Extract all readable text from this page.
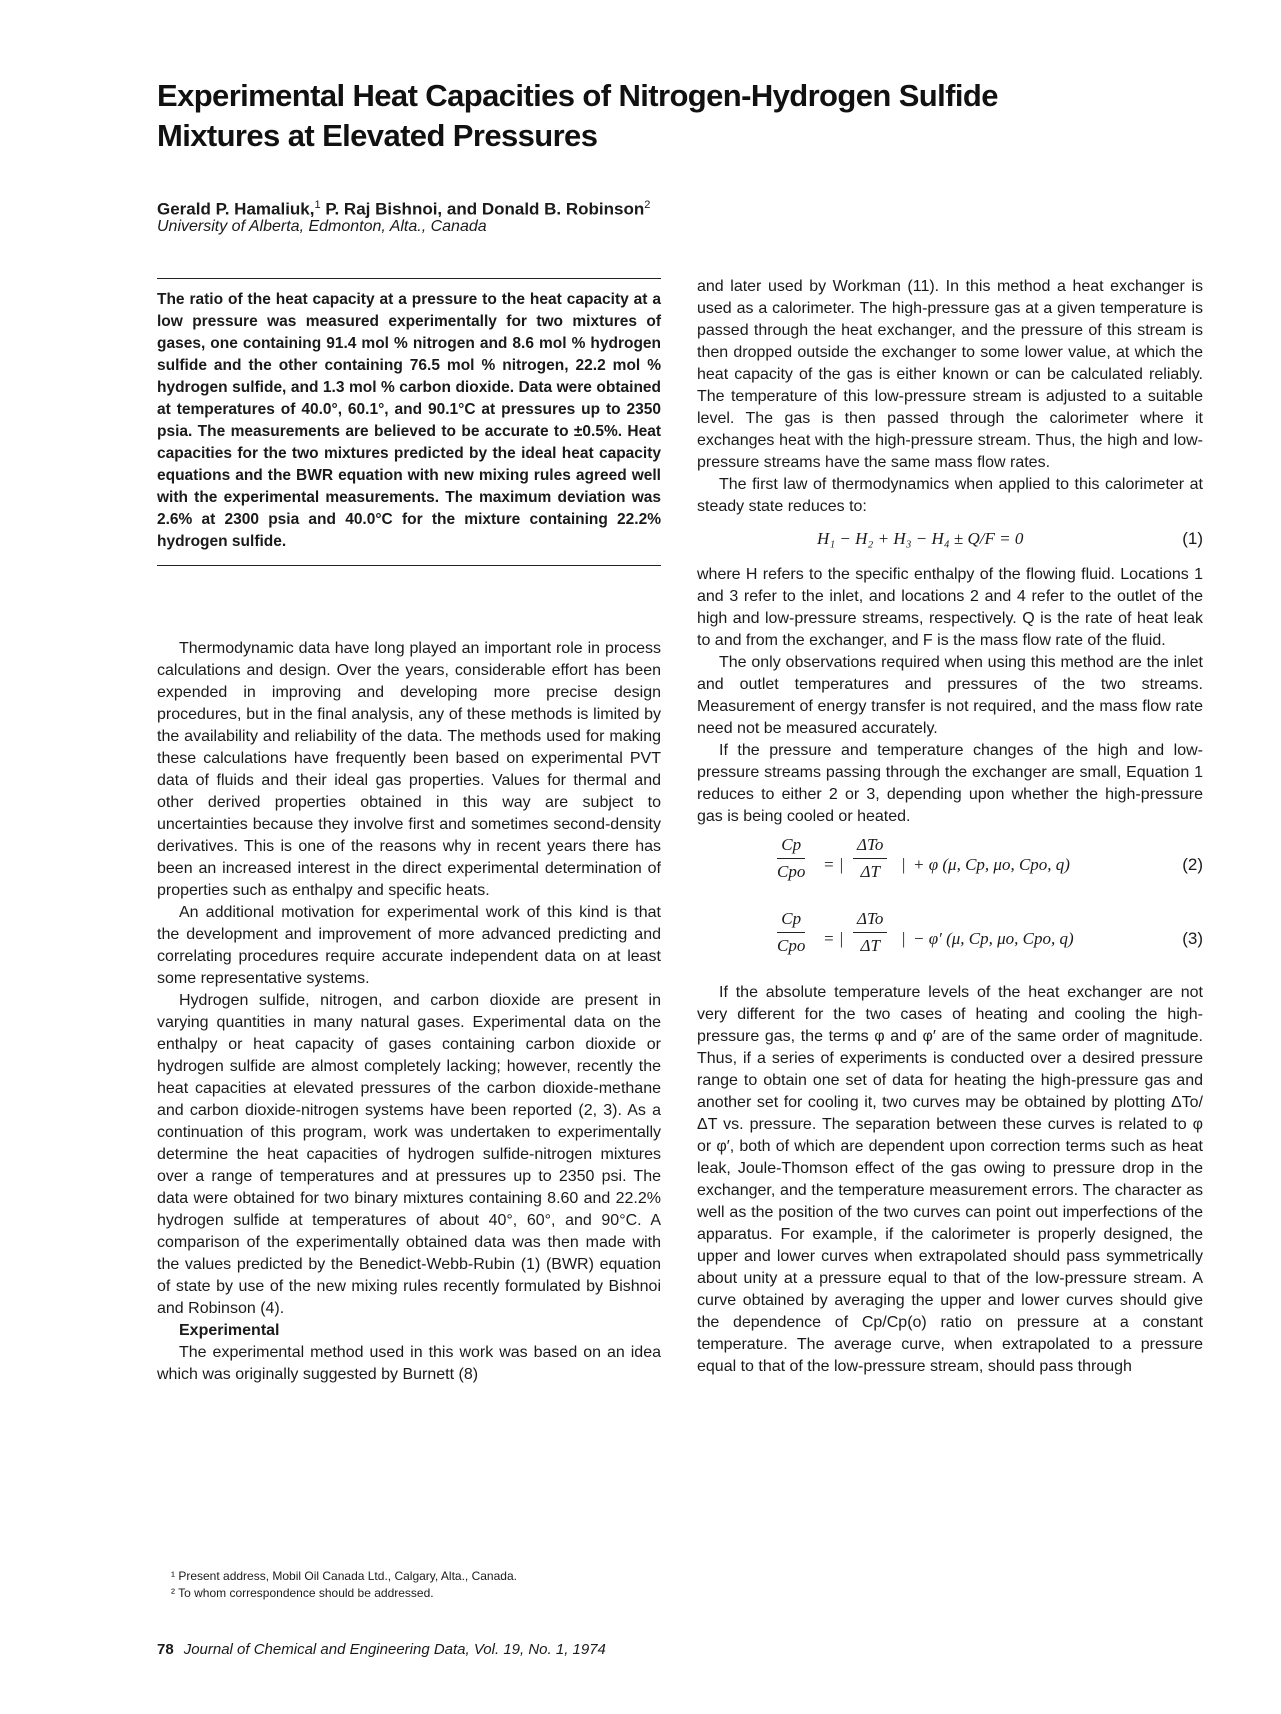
Experimental Heat Capacities of Nitrogen-Hydrogen Sulfide
Mixtures at Elevated Pressures

Gerald P. Hamaliuk,$^1$ P. Raj Bishnoi, and Donald B. Robinson$^2$

University of Alberta, Edmonton, Alta., Canada

The ratio of the heat capacity at a pressure to the heat capacity at a low pressure was measured experimentally for two mixtures of gases, one containing 91.4 mol % nitrogen and 8.6 mol % hydrogen sulfide and the other containing 76.5 mol % nitrogen, 22.2 mol % hydrogen sulfide, and 1.3 mol % carbon dioxide. Data were obtained at temperatures of 40.0°, 60.1°, and 90.1°C at pressures up to 2350 psia. The measurements are believed to be accurate to ±0.5%. Heat capacities for the two mixtures predicted by the ideal heat capacity equations and the BWR equation with new mixing rules agreed well with the experimental measurements. The maximum deviation was 2.6% at 2300 psia and 40.0°C for the mixture containing 22.2% hydrogen sulfide.

Thermodynamic data have long played an important role in process calculations and design. Over the years, considerable effort has been expended in improving and developing more precise design procedures, but in the final analysis, any of these methods is limited by the availability and reliability of the data. The methods used for making these calculations have frequently been based on experimental PVT data of fluids and their ideal gas properties. Values for thermal and other derived properties obtained in this way are subject to uncertainties because they involve first and sometimes second-density derivatives. This is one of the reasons why in recent years there has been an increased interest in the direct experimental determination of properties such as enthalpy and specific heats.

An additional motivation for experimental work of this kind is that the development and improvement of more advanced predicting and correlating procedures require accurate independent data on at least some representative systems.

Hydrogen sulfide, nitrogen, and carbon dioxide are present in varying quantities in many natural gases. Experimental data on the enthalpy or heat capacity of gases containing carbon dioxide or hydrogen sulfide are almost completely lacking; however, recently the heat capacities at elevated pressures of the carbon dioxide-methane and carbon dioxide-nitrogen systems have been reported (2, 3). As a continuation of this program, work was undertaken to experimentally determine the heat capacities of hydrogen sulfide-nitrogen mixtures over a range of temperatures and at pressures up to 2350 psi. The data were obtained for two binary mixtures containing 8.60 and 22.2% hydrogen sulfide at temperatures of about 40°, 60°, and 90°C. A comparison of the experimentally obtained data was then made with the values predicted by the Benedict-Webb-Rubin (1) (BWR) equation of state by use of the new mixing rules recently formulated by Bishnoi and Robinson (4).

Experimental

The experimental method used in this work was based on an idea which was originally suggested by Burnett (8)

¹ Present address, Mobil Oil Canada Ltd., Calgary, Alta., Canada.
² To whom correspondence should be addressed.

and later used by Workman (11). In this method a heat exchanger is used as a calorimeter. The high-pressure gas at a given temperature is passed through the heat exchanger, and the pressure of this stream is then dropped outside the exchanger to some lower value, at which the heat capacity of the gas is either known or can be calculated reliably. The temperature of this low-pressure stream is adjusted to a suitable level. The gas is then passed through the calorimeter where it exchanges heat with the high-pressure stream. Thus, the high and low-pressure streams have the same mass flow rates.

The first law of thermodynamics when applied to this calorimeter at steady state reduces to:

H₁ − H₂ + H₃ − H₄ ± Q/F = 0	(1)

where H refers to the specific enthalpy of the flowing fluid. Locations 1 and 3 refer to the inlet, and locations 2 and 4 refer to the outlet of the high and low-pressure streams, respectively. Q is the rate of heat leak to and from the exchanger, and F is the mass flow rate of the fluid.

The only observations required when using this method are the inlet and outlet temperatures and pressures of the two streams. Measurement of energy transfer is not required, and the mass flow rate need not be measured accurately.

If the pressure and temperature changes of the high and low-pressure streams passing through the exchanger are small, Equation 1 reduces to either 2 or 3, depending upon whether the high-pressure gas is being cooled or heated.

Cp
Cpo = |
ΔTo
ΔT	| + φ (μ, Cp, μo, Cpo, q)	(2)
Cp
Cpo = |
ΔTo
ΔT	| − φ′ (μ, Cp, μo, Cpo, q)	(3)

If the absolute temperature levels of the heat exchanger are not very different for the two cases of heating and cooling the high-pressure gas, the terms φ and φ′ are of the same order of magnitude. Thus, if a series of experiments is conducted over a desired pressure range to obtain one set of data for heating the high-pressure gas and another set for cooling it, two curves may be obtained by plotting ΔTo/ΔT vs. pressure. The separation between these curves is related to φ or φ′, both of which are dependent upon correction terms such as heat leak, Joule-Thomson effect of the gas owing to pressure drop in the exchanger, and the temperature measurement errors. The character as well as the position of the two curves can point out imperfections of the apparatus. For example, if the calorimeter is properly designed, the upper and lower curves when extrapolated should pass symmetrically about unity at a pressure equal to that of the low-pressure stream. A curve obtained by averaging the upper and lower curves should give the dependence of Cp/Cp(o) ratio on pressure at a constant temperature. The average curve, when extrapolated to a pressure equal to that of the low-pressure stream, should pass through

78 Journal of Chemical and Engineering Data, Vol. 19, No. 1, 1974
